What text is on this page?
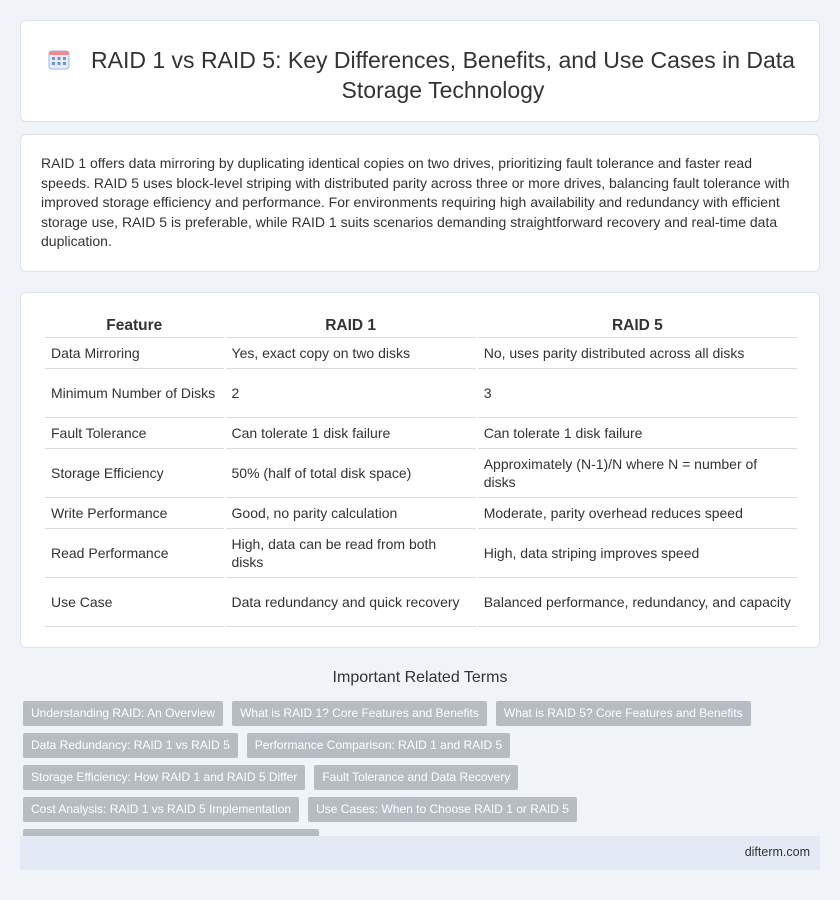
RAID 1 vs RAID 5: Key Differences, Benefits, and Use Cases in Data Storage Technology

RAID 1 offers data mirroring by duplicating identical copies on two drives, prioritizing fault tolerance and faster read speeds. RAID 5 uses block-level striping with distributed parity across three or more drives, balancing fault tolerance with improved storage efficiency and performance. For environments requiring high availability and redundancy with efficient storage use, RAID 5 is preferable, while RAID 1 suits scenarios demanding straightforward recovery and real-time data duplication.

Feature	RAID 1	RAID 5
Data Mirroring	Yes, exact copy on two disks	No, uses parity distributed across all disks
Minimum Number of Disks	2	3
Fault Tolerance	Can tolerate 1 disk failure	Can tolerate 1 disk failure
Storage Efficiency	50% (half of total disk space)	Approximately (N-1)/N where N = number of disks
Write Performance	Good, no parity calculation	Moderate, parity overhead reduces speed
Read Performance	High, data can be read from both disks	High, data striping improves speed
Use Case	Data redundancy and quick recovery	Balanced performance, redundancy, and capacity
Important Related Terms
Understanding RAID: An Overview	What is RAID 1? Core Features and Benefits	What is RAID 5? Core Features and Benefits
Data Redundancy: RAID 1 vs RAID 5	Performance Comparison: RAID 1 and RAID 5
Storage Efficiency: How RAID 1 and RAID 5 Differ	Fault Tolerance and Data Recovery
Cost Analysis: RAID 1 vs RAID 5 Implementation	Use Cases: When to Choose RAID 1 or RAID 5
difterm.com
